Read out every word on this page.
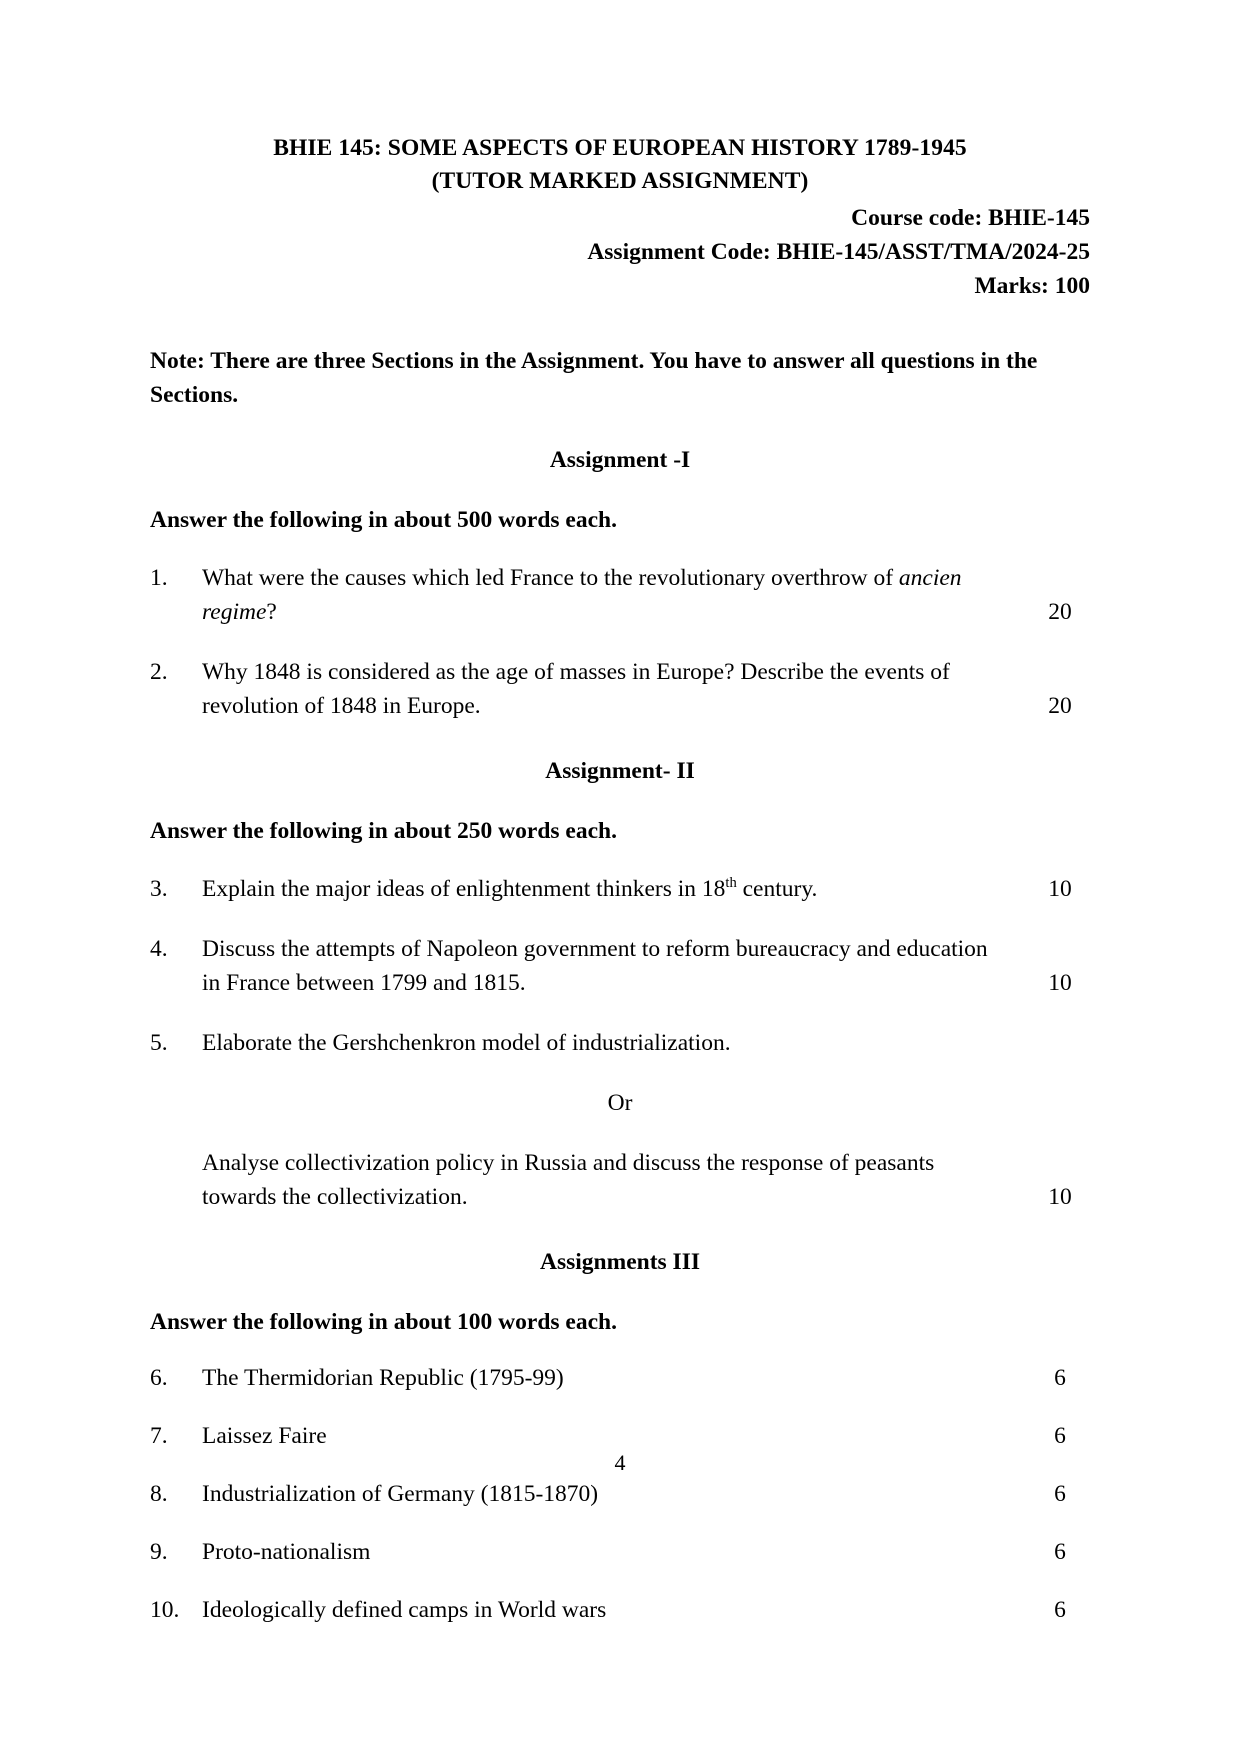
BHIE 145: SOME ASPECTS OF EUROPEAN HISTORY 1789-1945
(TUTOR MARKED ASSIGNMENT)
Course code: BHIE-145
Assignment Code: BHIE-145/ASST/TMA/2024-25
Marks: 100
Note: There are three Sections in the Assignment. You have to answer all questions in the Sections.
Assignment -I
Answer the following in about 500 words each.
1.	What were the causes which led France to the revolutionary overthrow of ancien regime?	20
2.	Why 1848 is considered as the age of masses in Europe? Describe the events of revolution of 1848 in Europe.	20
Assignment- II
Answer the following in about 250 words each.
3.	Explain the major ideas of enlightenment thinkers in 18th century.	10
4.	Discuss the attempts of Napoleon government to reform bureaucracy and education in France between 1799 and 1815.	10
5.	Elaborate the Gershchenkron model of industrialization.
Or
Analyse collectivization policy in Russia and discuss the response of peasants towards the collectivization.	10
Assignments III
Answer the following in about 100 words each.
6.	The Thermidorian Republic (1795-99)	6
7.	Laissez Faire	6
8.	Industrialization of Germany (1815-1870)	6
9.	Proto-nationalism	6
10. Ideologically defined camps in World wars	6
4
